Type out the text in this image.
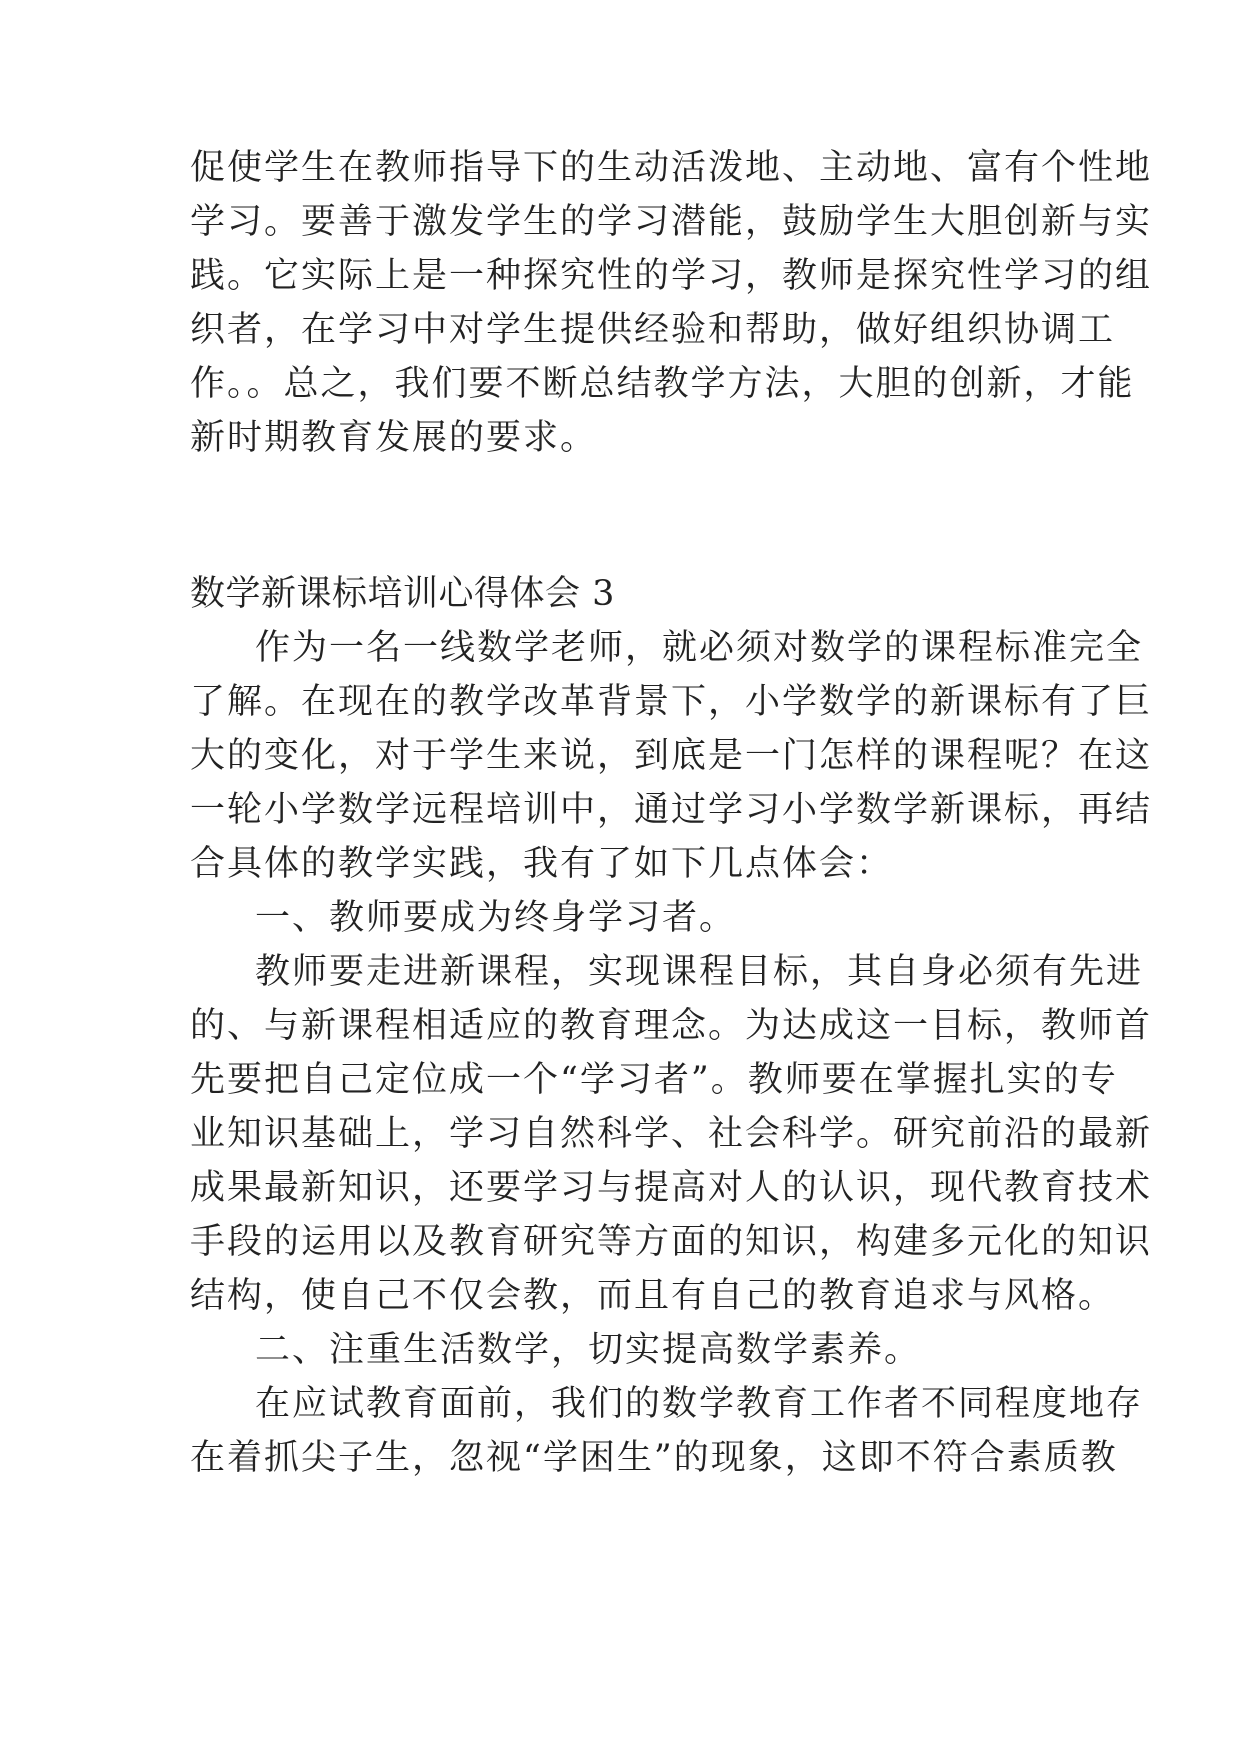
促使学生在教师指导下的生动活泼地、主动地、富有个性地
学习。要善于激发学生的学习潜能，鼓励学生大胆创新与实
践。它实际上是一种探究性的学习，教师是探究性学习的组
织者，在学习中对学生提供经验和帮助，做好组织协调工
作。。总之，我们要不断总结教学方法，大胆的创新，才能
新时期教育发展的要求。
数学新课标培训心得体会 3
作为一名一线数学老师，就必须对数学的课程标准完全
了解。在现在的教学改革背景下，小学数学的新课标有了巨
大的变化，对于学生来说，到底是一门怎样的课程呢？在这
一轮小学数学远程培训中，通过学习小学数学新课标，再结
合具体的教学实践，我有了如下几点体会：
一、教师要成为终身学习者。
教师要走进新课程，实现课程目标，其自身必须有先进
的、与新课程相适应的教育理念。为达成这一目标，教师首
先要把自己定位成一个“学习者”。教师要在掌握扎实的专
业知识基础上，学习自然科学、社会科学。研究前沿的最新
成果最新知识，还要学习与提高对人的认识，现代教育技术
手段的运用以及教育研究等方面的知识，构建多元化的知识
结构，使自己不仅会教，而且有自己的教育追求与风格。
二、注重生活数学，切实提高数学素养。
在应试教育面前，我们的数学教育工作者不同程度地存
在着抓尖子生，忽视“学困生”的现象，这即不符合素质教
